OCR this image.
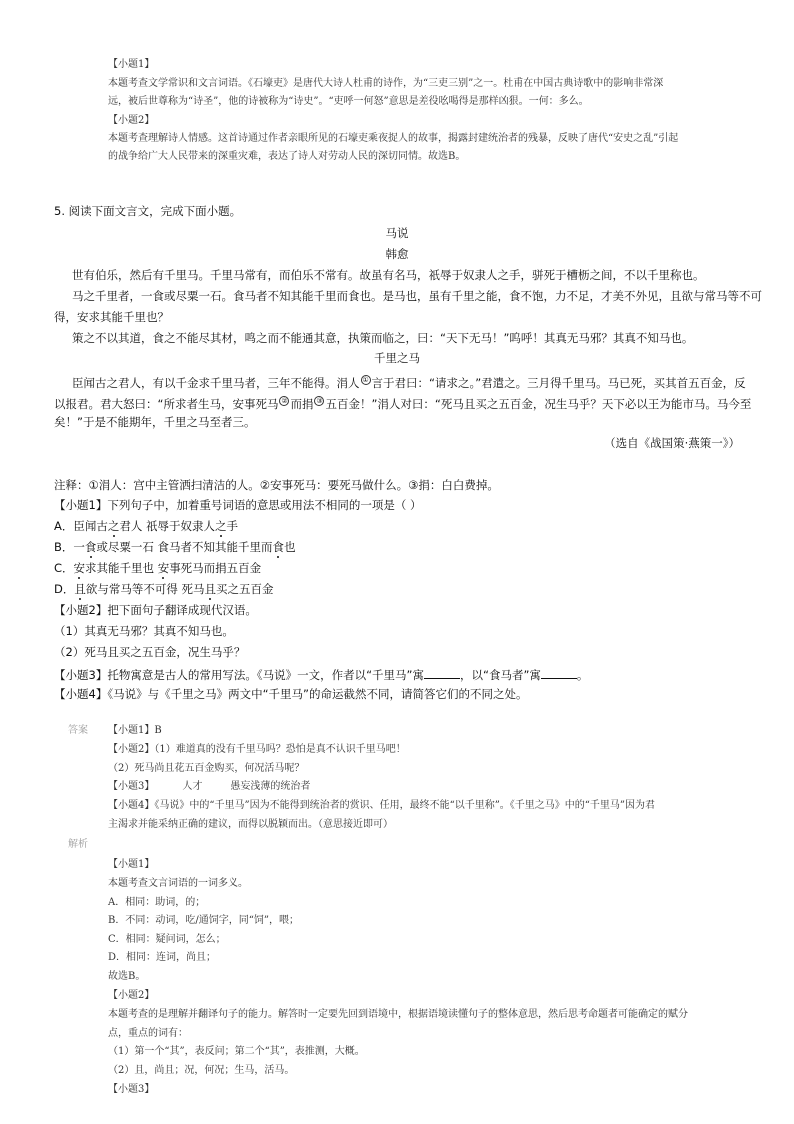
【小题1】
本题考查文学常识和文言词语。《石壕吏》是唐代大诗人杜甫的诗作，为“三吏三别”之一。杜甫在中国古典诗歌中的影响非常深
远，被后世尊称为“诗圣”，他的诗被称为“诗史”。“吏呼一何怒”意思是差役吆喝得是那样凶狠。一何：多么。
【小题2】
本题考查理解诗人情感。这首诗通过作者亲眼所见的石壕吏乘夜捉人的故事，揭露封建统治者的残暴，反映了唐代“安史之乱”引起
的战争给广大人民带来的深重灾难，表达了诗人对劳动人民的深切同情。故选B。
5. 阅读下面文言文，完成下面小题。
马说
韩愈
世有伯乐，然后有千里马。千里马常有，而伯乐不常有。故虽有名马，祇辱于奴隶人之手，骈死于槽枥之间，不以千里称也。
马之千里者，一食或尽粟一石。食马者不知其能千里而食也。是马也，虽有千里之能，食不饱，力不足，才美不外见，且欲与常马等不可
得，安求其能千里也？
策之不以其道，食之不能尽其材，鸣之而不能通其意，执策而临之，曰：“天下无马！”呜呼！其真无马邪？其真不知马也。
千里之马
臣闻古之君人，有以千金求千里马者，三年不能得。涓人 ① 言于君曰：“请求之。”君遣之。三月得千里马。马已死，买其首五百金，反
以报君。君大怒曰：“所求者生马，安事死马 ② 而捐 ③ 五百金！”涓人对曰：“死马且买之五百金，况生马乎？天下必以王为能市马。马今至
矣！”于是不能期年，千里之马至者三。
（选自《战国策·燕策一》）
注释：①涓人：宫中主管洒扫清洁的人。②安事死马：要死马做什么。③捐：白白费掉。
【小题1】下列句子中，加着重号词语的意思或用法不相同的一项是（ ）
A．臣闻古之君人 祇辱于奴隶人之手
B．一食或尽粟一石 食马者不知其能千里而食也
C．安求其能千里也 安事死马而捐五百金
D．且欲与常马等不可得 死马且买之五百金
【小题2】把下面句子翻译成现代汉语。
（1）其真无马邪？其真不知马也。
（2）死马且买之五百金，况生马乎？
【小题3】托物寓意是古人的常用写法。《马说》一文，作者以“千里马”寓	，以“食马者”寓	。
【小题4】《马说》与《千里之马》两文中“千里马”的命运截然不同，请简答它们的不同之处。
答案 【小题1】B
【小题2】（1）难道真的没有千里马吗？恐怕是真不认识千里马吧！
（2）死马尚且花五百金购买，何况活马呢？
【小题3】	人才	愚妄浅薄的统治者
【小题4】《马说》中的“千里马”因为不能得到统治者的赏识、任用，最终不能“以千里称”。《千里之马》中的“千里马”因为君
主渴求并能采纳正确的建议，而得以脱颖而出。（意思接近即可）
解析
【小题1】
本题考查文言词语的一词多义。
A．相同：助词，的；
B．不同：动词，吃/通饲字，同“饲”，喂；
C．相同：疑问词，怎么；
D．相同：连词，尚且；
故选B。
【小题2】
本题考查的是理解并翻译句子的能力。解答时一定要先回到语境中，根据语境读懂句子的整体意思，然后思考命题者可能确定的赋分
点，重点的词有：
（1）第一个“其”，表反问；第二个“其”，表推测，大概。
（2）且，尚且；况，何况；生马，活马。
【小题3】
